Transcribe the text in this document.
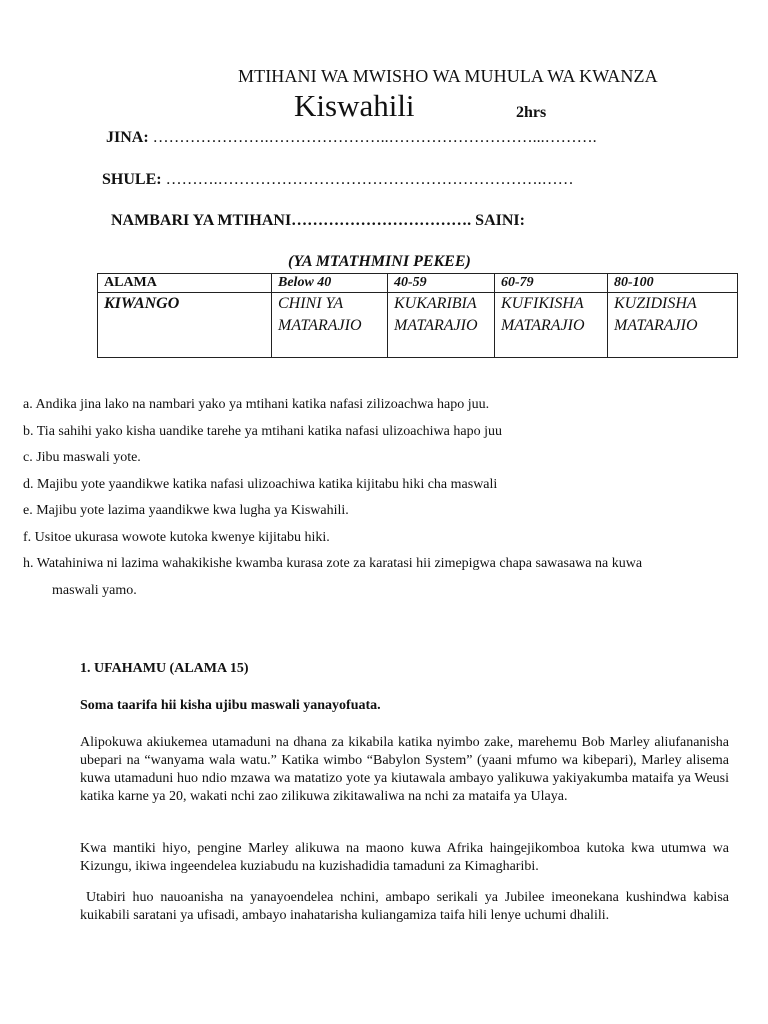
MTIHANI WA MWISHO WA MUHULA WA KWANZA
Kiswahili	2hrs
JINA: ………………….…………………..………………………...……….
SHULE: ……….…………………………………………………….……
NAMBARI YA MTIHANI……………………………. SAINI:
(YA MTATHMINI PEKEE)
ALAMA	Below 40	40-59	60-79	80-100
KIWANGO	CHINI YA MATARAJIO	KUKARIBIA MATARAJIO	KUFIKISHA MATARAJIO	KUZIDISHA MATARAJIO
a. Andika jina lako na nambari yako ya mtihani katika nafasi zilizoachwa hapo juu.
b. Tia sahihi yako kisha uandike tarehe ya mtihani katika nafasi ulizoachiwa hapo juu
c. Jibu maswali yote.
d. Majibu yote yaandikwe katika nafasi ulizoachiwa katika kijitabu hiki cha maswali
e. Majibu yote lazima yaandikwe kwa lugha ya Kiswahili.
f. Usitoe ukurasa wowote kutoka kwenye kijitabu hiki.
h. Watahiniwa ni lazima wahakikishe kwamba kurasa zote za karatasi hii zimepigwa chapa sawasawa na kuwa
maswali yamo.
1. UFAHAMU (ALAMA 15)
Soma taarifa hii kisha ujibu maswali yanayofuata.
Alipokuwa akiukemea utamaduni na dhana za kikabila katika nyimbo zake, marehemu Bob Marley aliufananisha ubepari na “wanyama wala watu.” Katika wimbo “Babylon System” (yaani mfumo wa kibepari), Marley alisema kuwa utamaduni huo ndio mzawa wa matatizo yote ya kiutawala ambayo yalikuwa yakiyakumba mataifa ya Weusi katika karne ya 20, wakati nchi zao zilikuwa zikitawaliwa na nchi za mataifa ya Ulaya.
Kwa mantiki hiyo, pengine Marley alikuwa na maono kuwa Afrika haingejikomboa kutoka kwa utumwa wa Kizungu, ikiwa ingeendelea kuziabudu na kuzishadidia tamaduni za Kimagharibi.
Utabiri huo nauoanisha na yanayoendelea nchini, ambapo serikali ya Jubilee imeonekana kushindwa kabisa kuikabili saratani ya ufisadi, ambayo inahatarisha kuliangamiza taifa hili lenye uchumi dhalili.
